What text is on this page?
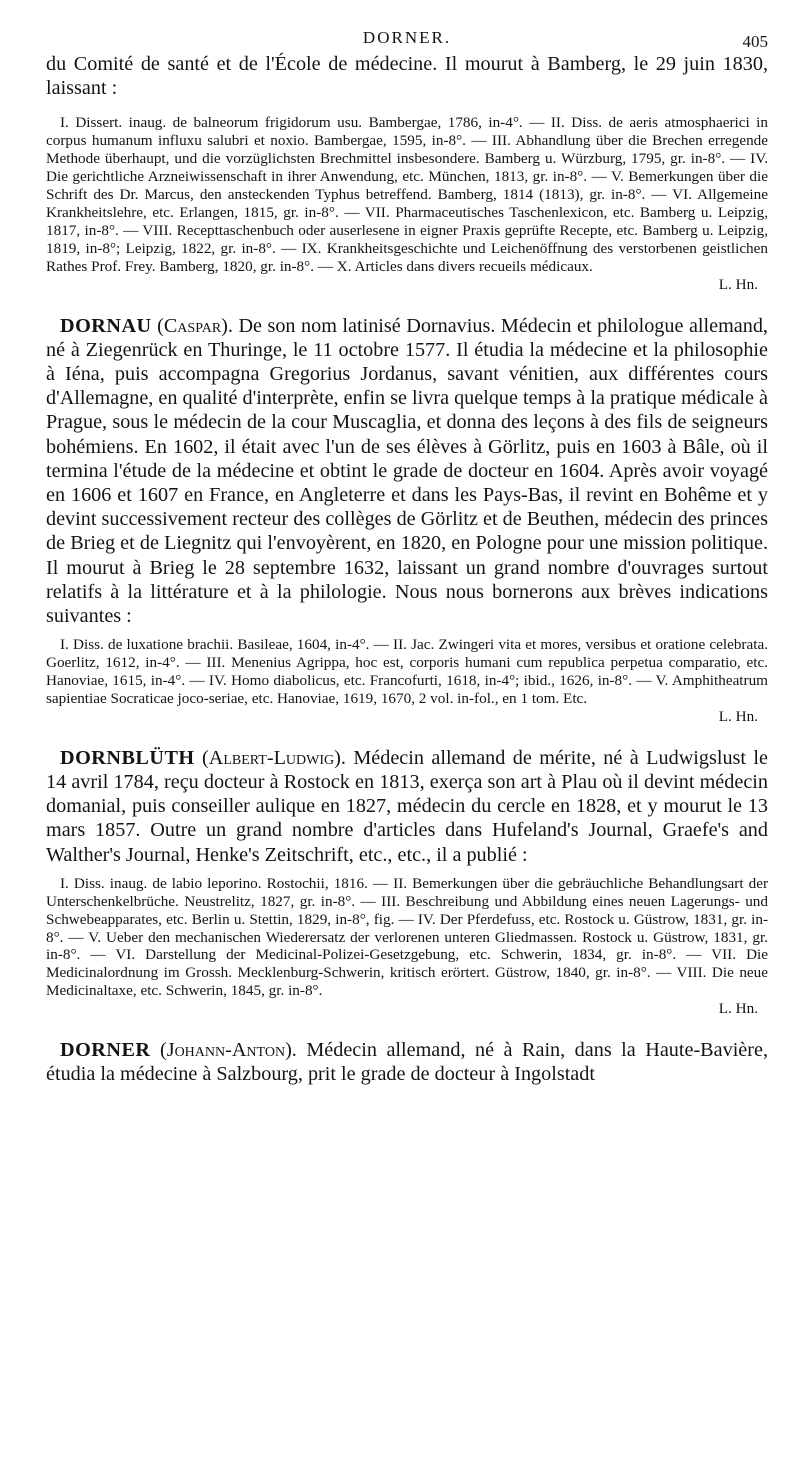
DORNER.	405

du Comité de santé et de l'École de médecine. Il mourut à Bamberg, le 29 juin 1830, laissant :

I. Dissert. inaug. de balneorum frigidorum usu. Bambergae, 1786, in-4°. — II. Diss. de aeris atmosphaerici in corpus humanum influxu salubri et noxio. Bambergae, 1595, in-8°. — III. Abhandlung über die Brechen erregende Methode überhaupt, und die vorzüglichsten Brechmittel insbesondere. Bamberg u. Würzburg, 1795, gr. in-8°. — IV. Die gerichtliche Arzneiwissenschaft in ihrer Anwendung, etc. München, 1813, gr. in-8°. — V. Bemerkungen über die Schrift des Dr. Marcus, den ansteckenden Typhus betreffend. Bamberg, 1814 (1813), gr. in-8°. — VI. Allgemeine Krankheitslehre, etc. Erlangen, 1815, gr. in-8°. — VII. Pharmaceutisches Taschenlexicon, etc. Bamberg u. Leipzig, 1817, in-8°. — VIII. Recepttaschenbuch oder auserlesene in eigner Praxis geprüfte Recepte, etc. Bamberg u. Leipzig, 1819, in-8°; Leipzig, 1822, gr. in-8°. — IX. Krankheitsgeschichte und Leichenöffnung des verstorbenen geistlichen Rathes Prof. Frey. Bamberg, 1820, gr. in-8°. — X. Articles dans divers recueils médicaux.

L. Hn.

DORNAU (Caspar). De son nom latinisé Dornavius. Médecin et philologue allemand, né à Ziegenrück en Thuringe, le 11 octobre 1577. Il étudia la médecine et la philosophie à Iéna, puis accompagna Gregorius Jordanus, savant vénitien, aux différentes cours d'Allemagne, en qualité d'interprète, enfin se livra quelque temps à la pratique médicale à Prague, sous le médecin de la cour Muscaglia, et donna des leçons à des fils de seigneurs bohémiens. En 1602, il était avec l'un de ses élèves à Görlitz, puis en 1603 à Bâle, où il termina l'étude de la médecine et obtint le grade de docteur en 1604. Après avoir voyagé en 1606 et 1607 en France, en Angleterre et dans les Pays-Bas, il revint en Bohême et y devint successivement recteur des collèges de Görlitz et de Beuthen, médecin des princes de Brieg et de Liegnitz qui l'envoyèrent, en 1820, en Pologne pour une mission politique. Il mourut à Brieg le 28 septembre 1632, laissant un grand nombre d'ouvrages surtout relatifs à la littérature et à la philologie. Nous nous bornerons aux brèves indications suivantes :

I. Diss. de luxatione brachii. Basileae, 1604, in-4°. — II. Jac. Zwingeri vita et mores, versibus et oratione celebrata. Goerlitz, 1612, in-4°. — III. Menenius Agrippa, hoc est, corporis humani cum republica perpetua comparatio, etc. Hanoviae, 1615, in-4°. — IV. Homo diabolicus, etc. Francofurti, 1618, in-4°; ibid., 1626, in-8°. — V. Amphitheatrum sapientiae Socraticae joco-seriae, etc. Hanoviae, 1619, 1670, 2 vol. in-fol., en 1 tom. Etc.

L. Hn.

DORNBLÜTH (Albert-Ludwig). Médecin allemand de mérite, né à Ludwigslust le 14 avril 1784, reçu docteur à Rostock en 1813, exerça son art à Plau où il devint médecin domanial, puis conseiller aulique en 1827, médecin du cercle en 1828, et y mourut le 13 mars 1857. Outre un grand nombre d'articles dans Hufeland's Journal, Graefe's and Walther's Journal, Henke's Zeitschrift, etc., etc., il a publié :

I. Diss. inaug. de labio leporino. Rostochii, 1816. — II. Bemerkungen über die gebräuchliche Behandlungsart der Unterschenkelbrüche. Neustrelitz, 1827, gr. in-8°. — III. Beschreibung und Abbildung eines neuen Lagerungs- und Schwebeapparates, etc. Berlin u. Stettin, 1829, in-8°, fig. — IV. Der Pferdefuss, etc. Rostock u. Güstrow, 1831, gr. in-8°. — V. Ueber den mechanischen Wiederersatz der verlorenen unteren Gliedmassen. Rostock u. Güstrow, 1831, gr. in-8°. — VI. Darstellung der Medicinal-Polizei-Gesetzgebung, etc. Schwerin, 1834, gr. in-8°. — VII. Die Medicinalordnung im Grossh. Mecklenburg-Schwerin, kritisch erörtert. Güstrow, 1840, gr. in-8°. — VIII. Die neue Medicinaltaxe, etc. Schwerin, 1845, gr. in-8°.

L. Hn.

DORNER (Johann-Anton). Médecin allemand, né à Rain, dans la Haute-Bavière, étudia la médecine à Salzbourg, prit le grade de docteur à Ingolstadt
